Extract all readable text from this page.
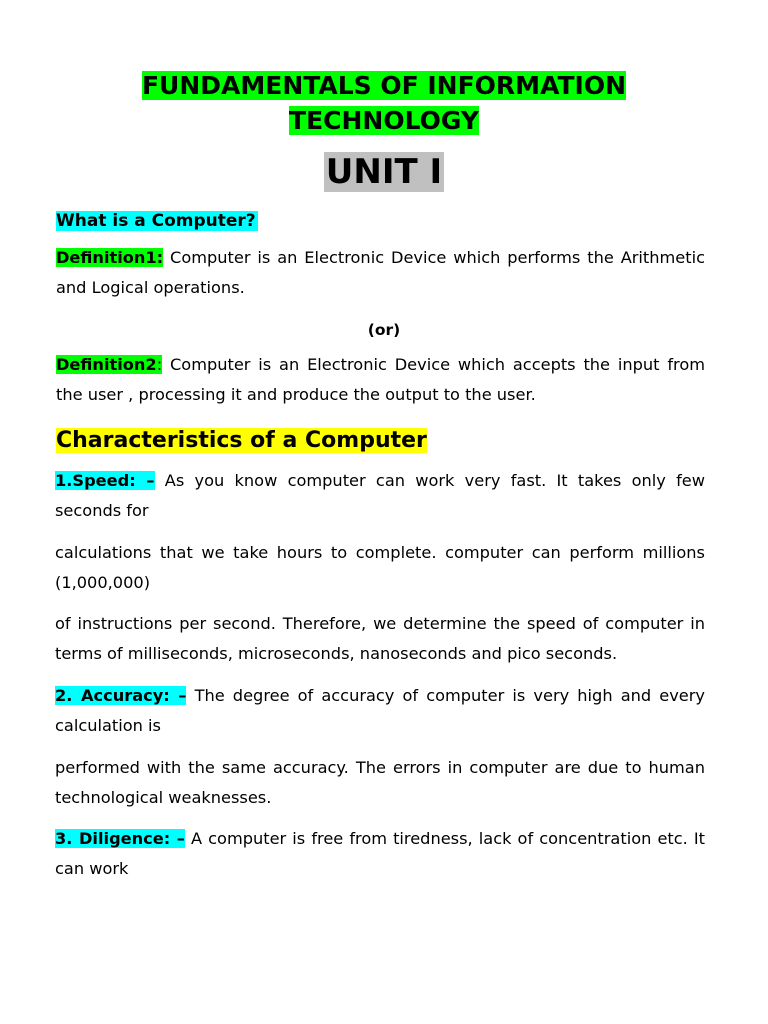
FUNDAMENTALS OF INFORMATION
TECHNOLOGY
UNIT I
What is a Computer?
Definition1: Computer is an Electronic Device which performs the Arithmetic and Logical operations.
(or)
Definition2: Computer is an Electronic Device which accepts the input from the user , processing it and produce the output to the user.
Characteristics of a Computer
1.Speed: – As you know computer can work very fast. It takes only few seconds for
calculations that we take hours to complete. computer can perform millions (1,000,000)
of instructions per second. Therefore, we determine the speed of computer in terms of milliseconds, microseconds, nanoseconds and pico seconds.
2. Accuracy: – The degree of accuracy of computer is very high and every calculation is
performed with the same accuracy. The errors in computer are due to human technological weaknesses.
3. Diligence: – A computer is free from tiredness, lack of concentration etc. It can work
